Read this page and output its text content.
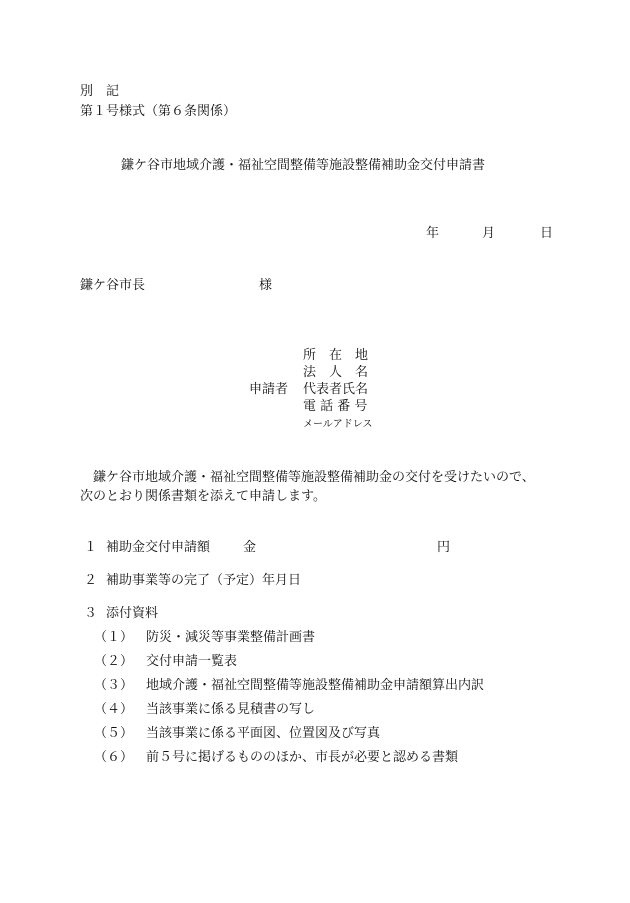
別　記
第１号様式（第６条関係）
鎌ケ谷市地域介護・福祉空間整備等施設整備補助金交付申請書
年	月	日
鎌ケ谷市長	様
申請者
所　在　地
法　人　名
代表者氏名
電 話 番 号
メールアドレス
　鎌ケ谷市地域介護・福祉空間整備等施設整備補助金の交付を受けたいので、
次のとおり関係書類を添えて申請します。
１ 補助金交付申請額	金	円
２ 補助事業等の完了（予定）年月日
３ 添付資料
（１） 防災・減災等事業整備計画書
（２） 交付申請一覧表
（３） 地域介護・福祉空間整備等施設整備補助金申請額算出内訳
（４） 当該事業に係る見積書の写し
（５） 当該事業に係る平面図、位置図及び写真
（６） 前５号に掲げるもののほか、市長が必要と認める書類
